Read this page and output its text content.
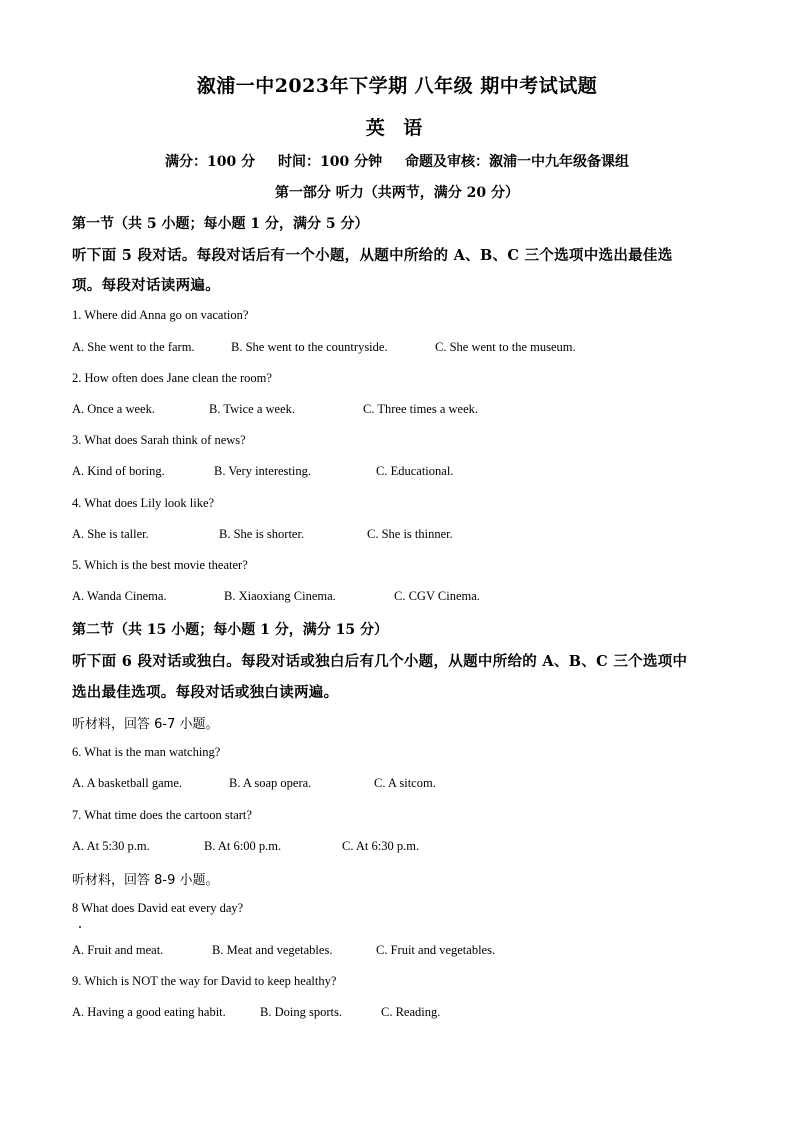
溆浦一中2023年下学期 八年级 期中考试试题
英 语
满分：100 分 时间：100 分钟 命题及审核：溆浦一中九年级备课组
第一部分 听力（共两节，满分 20 分）
第一节（共 5 小题；每小题 1 分，满分 5 分）
听下面 5 段对话。每段对话后有一个小题，从题中所给的 A、B、C 三个选项中选出最佳选
项。每段对话读两遍。
1. Where did Anna go on vacation?
A. She went to the farm.	B. She went to the countryside.	C. She went to the museum.
2. How often does Jane clean the room?
A. Once a week.	B. Twice a week.	C. Three times a week.
3. What does Sarah think of news?
A. Kind of boring.	B. Very interesting.	C. Educational.
4. What does Lily look like?
A. She is taller.	B. She is shorter.	C. She is thinner.
5. Which is the best movie theater?
A. Wanda Cinema.	B. Xiaoxiang Cinema.	C. CGV Cinema.
第二节（共 15 小题；每小题 1 分，满分 15 分）
听下面 6 段对话或独白。每段对话或独白后有几个小题，从题中所给的 A、B、C 三个选项中
选出最佳选项。每段对话或独白读两遍。
听材料，回答 6-7 小题。
6. What is the man watching?
A. A basketball game.	B. A soap opera.	C. A sitcom.
7. What time does the cartoon start?
A. At 5:30 p.m.	B. At 6:00 p.m.	C. At 6:30 p.m.
听材料，回答 8-9 小题。
8 What does David eat every day?
A. Fruit and meat.	B. Meat and vegetables.	C. Fruit and vegetables.
9. Which is NOT the way for David to keep healthy?
A. Having a good eating habit.	B. Doing sports.	C. Reading.
